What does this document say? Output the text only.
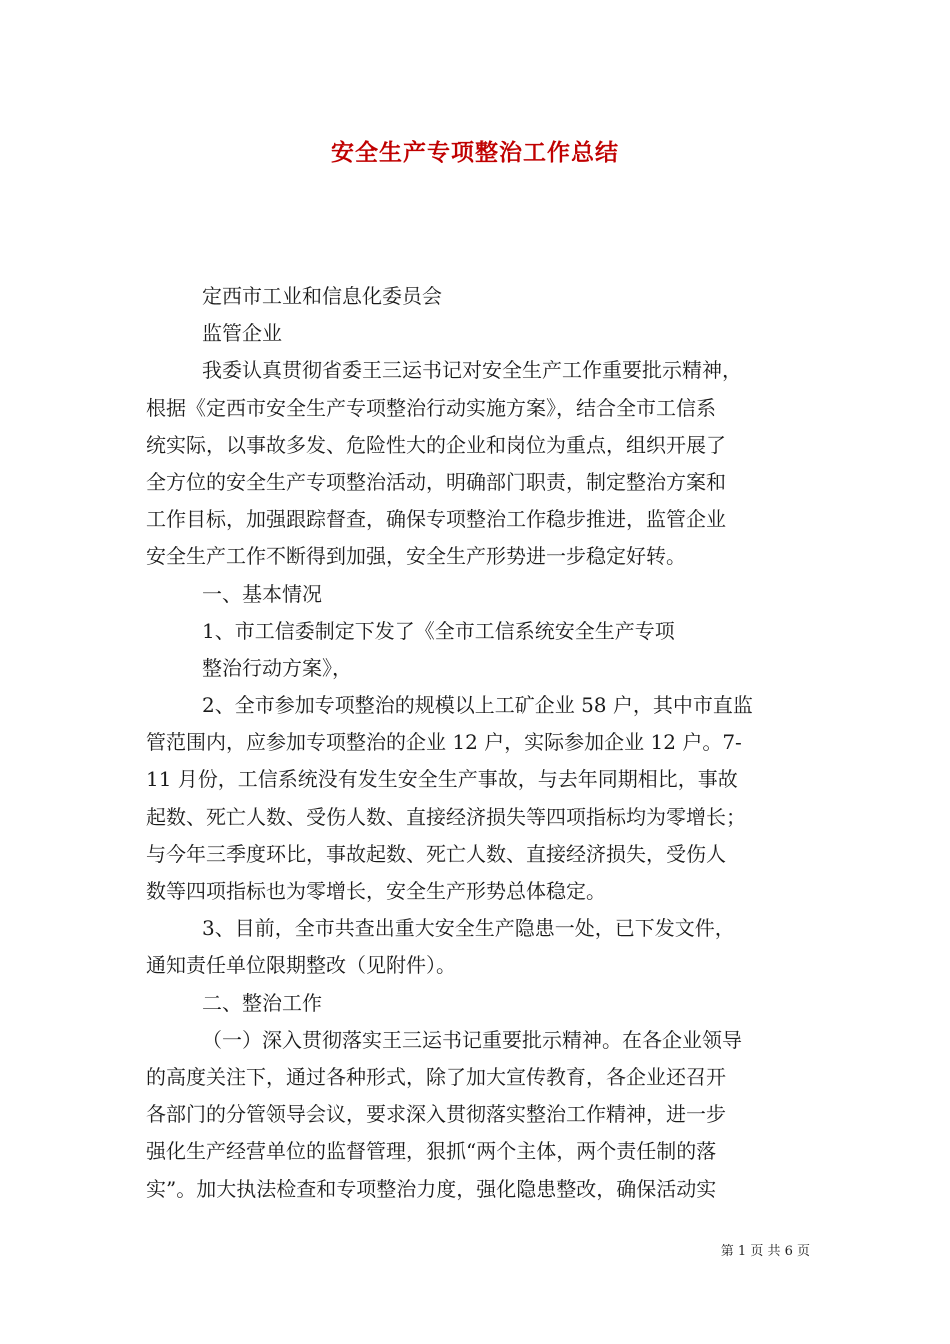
安全生产专项整治工作总结
定西市工业和信息化委员会
监管企业
我委认真贯彻省委王三运书记对安全生产工作重要批示精神，
根据《定西市安全生产专项整治行动实施方案》，结合全市工信系
统实际，以事故多发、危险性大的企业和岗位为重点，组织开展了
全方位的安全生产专项整治活动，明确部门职责，制定整治方案和
工作目标，加强跟踪督查，确保专项整治工作稳步推进，监管企业
安全生产工作不断得到加强，安全生产形势进一步稳定好转。
一、基本情况
1、市工信委制定下发了《全市工信系统安全生产专项
整治行动方案》，
2、全市参加专项整治的规模以上工矿企业 58 户，其中市直监
管范围内，应参加专项整治的企业 12 户，实际参加企业 12 户。7-
11 月份，工信系统没有发生安全生产事故，与去年同期相比，事故
起数、死亡人数、受伤人数、直接经济损失等四项指标均为零增长；
与今年三季度环比，事故起数、死亡人数、直接经济损失，受伤人
数等四项指标也为零增长，安全生产形势总体稳定。
3、目前，全市共查出重大安全生产隐患一处，已下发文件，
通知责任单位限期整改（见附件）。
二、整治工作
（一）深入贯彻落实王三运书记重要批示精神。在各企业领导
的高度关注下，通过各种形式，除了加大宣传教育，各企业还召开
各部门的分管领导会议，要求深入贯彻落实整治工作精神，进一步
强化生产经营单位的监督管理，狠抓“两个主体，两个责任制的落
实”。加大执法检查和专项整治力度，强化隐患整改，确保活动实
第 1 页 共 6 页
